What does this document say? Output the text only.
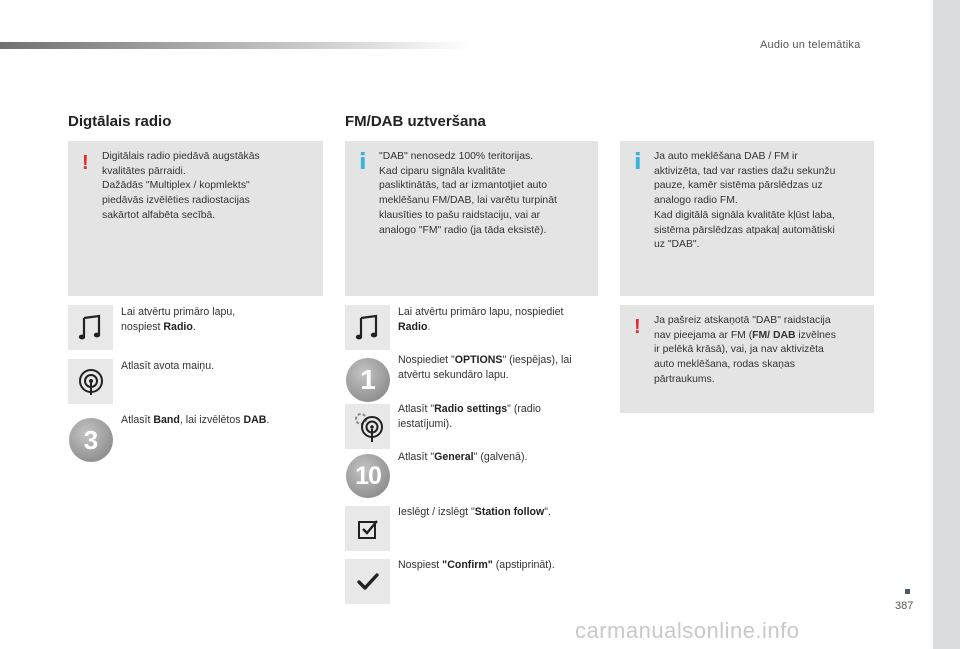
Audio un telemātika
Digtālais radio
! Digitālais radio piedāvā augstākās
kvalitātes pārraidi.
Dažādās "Multiplex / kopmlekts"
piedāvās izvēlēties radiostacijas
sakārtot alfabēta secībā.
Lai atvērtu primāro lapu,
nospiest Radio.
Atlasīt avota maiņu.
3
Atlasīt Band, lai izvēlētos DAB.
FM/DAB uztveršana
i "DAB" nenosedz 100% teritorijas.
Kad ciparu signāla kvalitāte
pasliktinātās, tad ar izmantotjiet auto
meklēšanu FM/DAB, lai varētu turpināt
klausīties to pašu raidstaciju, vai ar
analogo "FM" radio (ja tāda eksistē).
i Ja auto meklēšana DAB / FM ir
aktivizēta, tad var rasties dažu sekunžu
pauze, kamēr sistēma pārslēdzas uz
analogo radio FM.
Kad digitālā signāla kvalitāte kļūst laba,
sistēma pārslēdzas atpakaļ automātiski
uz "DAB".
! Ja pašreiz atskaņotā "DAB" raidstacija
nav pieejama ar FM (FM/ DAB izvēlnes
ir pelēkā krāsā), vai, ja nav aktivizēta
auto meklēšana, rodas skaņas
pārtraukums.
Lai atvērtu primāro lapu, nospiediet
Radio.
1
Nospiediet "OPTIONS" (iespējas), lai
atvērtu sekundāro lapu.
Atlasīt "Radio settings" (radio
iestatījumi).
10
Atlasīt "General" (galvenā).
Ieslēgt / izslēgt "Station follow".
Nospiest "Confirm" (apstiprināt).
387
carmanualsonline.info
